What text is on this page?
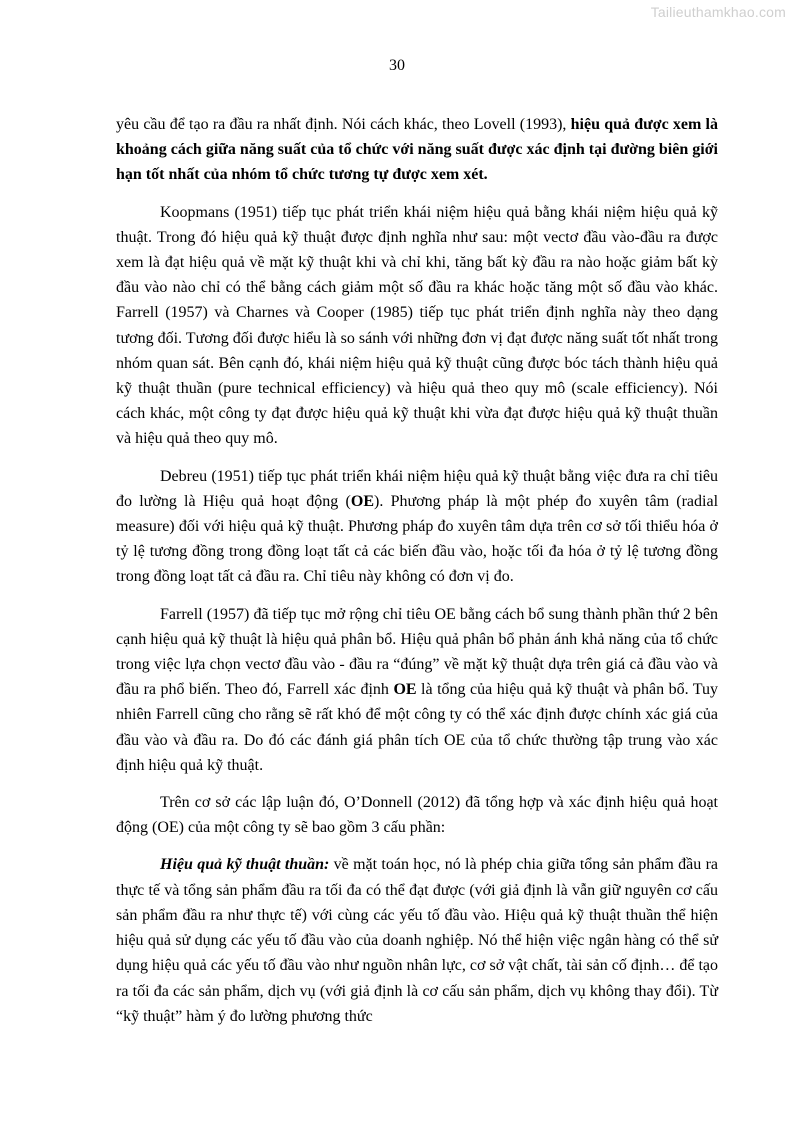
Tailieuthamkhao.com
30

yêu cầu để tạo ra đầu ra nhất định. Nói cách khác, theo Lovell (1993), hiệu quả được xem là khoảng cách giữa năng suất của tổ chức với năng suất được xác định tại đường biên giới hạn tốt nhất của nhóm tổ chức tương tự được xem xét.

Koopmans (1951) tiếp tục phát triển khái niệm hiệu quả bằng khái niệm hiệu quả kỹ thuật. Trong đó hiệu quả kỹ thuật được định nghĩa như sau: một vectơ đầu vào-đầu ra được xem là đạt hiệu quả về mặt kỹ thuật khi và chỉ khi, tăng bất kỳ đầu ra nào hoặc giảm bất kỳ đầu vào nào chỉ có thể bằng cách giảm một số đầu ra khác hoặc tăng một số đầu vào khác. Farrell (1957) và Charnes và Cooper (1985) tiếp tục phát triển định nghĩa này theo dạng tương đối. Tương đối được hiểu là so sánh với những đơn vị đạt được năng suất tốt nhất trong nhóm quan sát. Bên cạnh đó, khái niệm hiệu quả kỹ thuật cũng được bóc tách thành hiệu quả kỹ thuật thuần (pure technical efficiency) và hiệu quả theo quy mô (scale efficiency). Nói cách khác, một công ty đạt được hiệu quả kỹ thuật khi vừa đạt được hiệu quả kỹ thuật thuần và hiệu quả theo quy mô.

Debreu (1951) tiếp tục phát triển khái niệm hiệu quả kỹ thuật bằng việc đưa ra chỉ tiêu đo lường là Hiệu quả hoạt động (OE). Phương pháp là một phép đo xuyên tâm (radial measure) đối với hiệu quả kỹ thuật. Phương pháp đo xuyên tâm dựa trên cơ sở tối thiểu hóa ở tỷ lệ tương đồng trong đồng loạt tất cả các biến đầu vào, hoặc tối đa hóa ở tỷ lệ tương đồng trong đồng loạt tất cả đầu ra. Chỉ tiêu này không có đơn vị đo.

Farrell (1957) đã tiếp tục mở rộng chỉ tiêu OE bằng cách bổ sung thành phần thứ 2 bên cạnh hiệu quả kỹ thuật là hiệu quả phân bổ. Hiệu quả phân bổ phản ánh khả năng của tổ chức trong việc lựa chọn vectơ đầu vào - đầu ra “đúng” về mặt kỹ thuật dựa trên giá cả đầu vào và đầu ra phổ biến. Theo đó, Farrell xác định OE là tổng của hiệu quả kỹ thuật và phân bổ. Tuy nhiên Farrell cũng cho rằng sẽ rất khó để một công ty có thể xác định được chính xác giá của đầu vào và đầu ra. Do đó các đánh giá phân tích OE của tổ chức thường tập trung vào xác định hiệu quả kỹ thuật.

Trên cơ sở các lập luận đó, O’Donnell (2012) đã tổng hợp và xác định hiệu quả hoạt động (OE) của một công ty sẽ bao gồm 3 cấu phần:

Hiệu quả kỹ thuật thuần: về mặt toán học, nó là phép chia giữa tổng sản phẩm đầu ra thực tế và tổng sản phẩm đầu ra tối đa có thể đạt được (với giả định là vẫn giữ nguyên cơ cấu sản phẩm đầu ra như thực tế) với cùng các yếu tố đầu vào. Hiệu quả kỹ thuật thuần thể hiện hiệu quả sử dụng các yếu tố đầu vào của doanh nghiệp. Nó thể hiện việc ngân hàng có thể sử dụng hiệu quả các yếu tố đầu vào như nguồn nhân lực, cơ sở vật chất, tài sản cố định… để tạo ra tối đa các sản phẩm, dịch vụ (với giả định là cơ cấu sản phẩm, dịch vụ không thay đổi). Từ “kỹ thuật” hàm ý đo lường phương thức
